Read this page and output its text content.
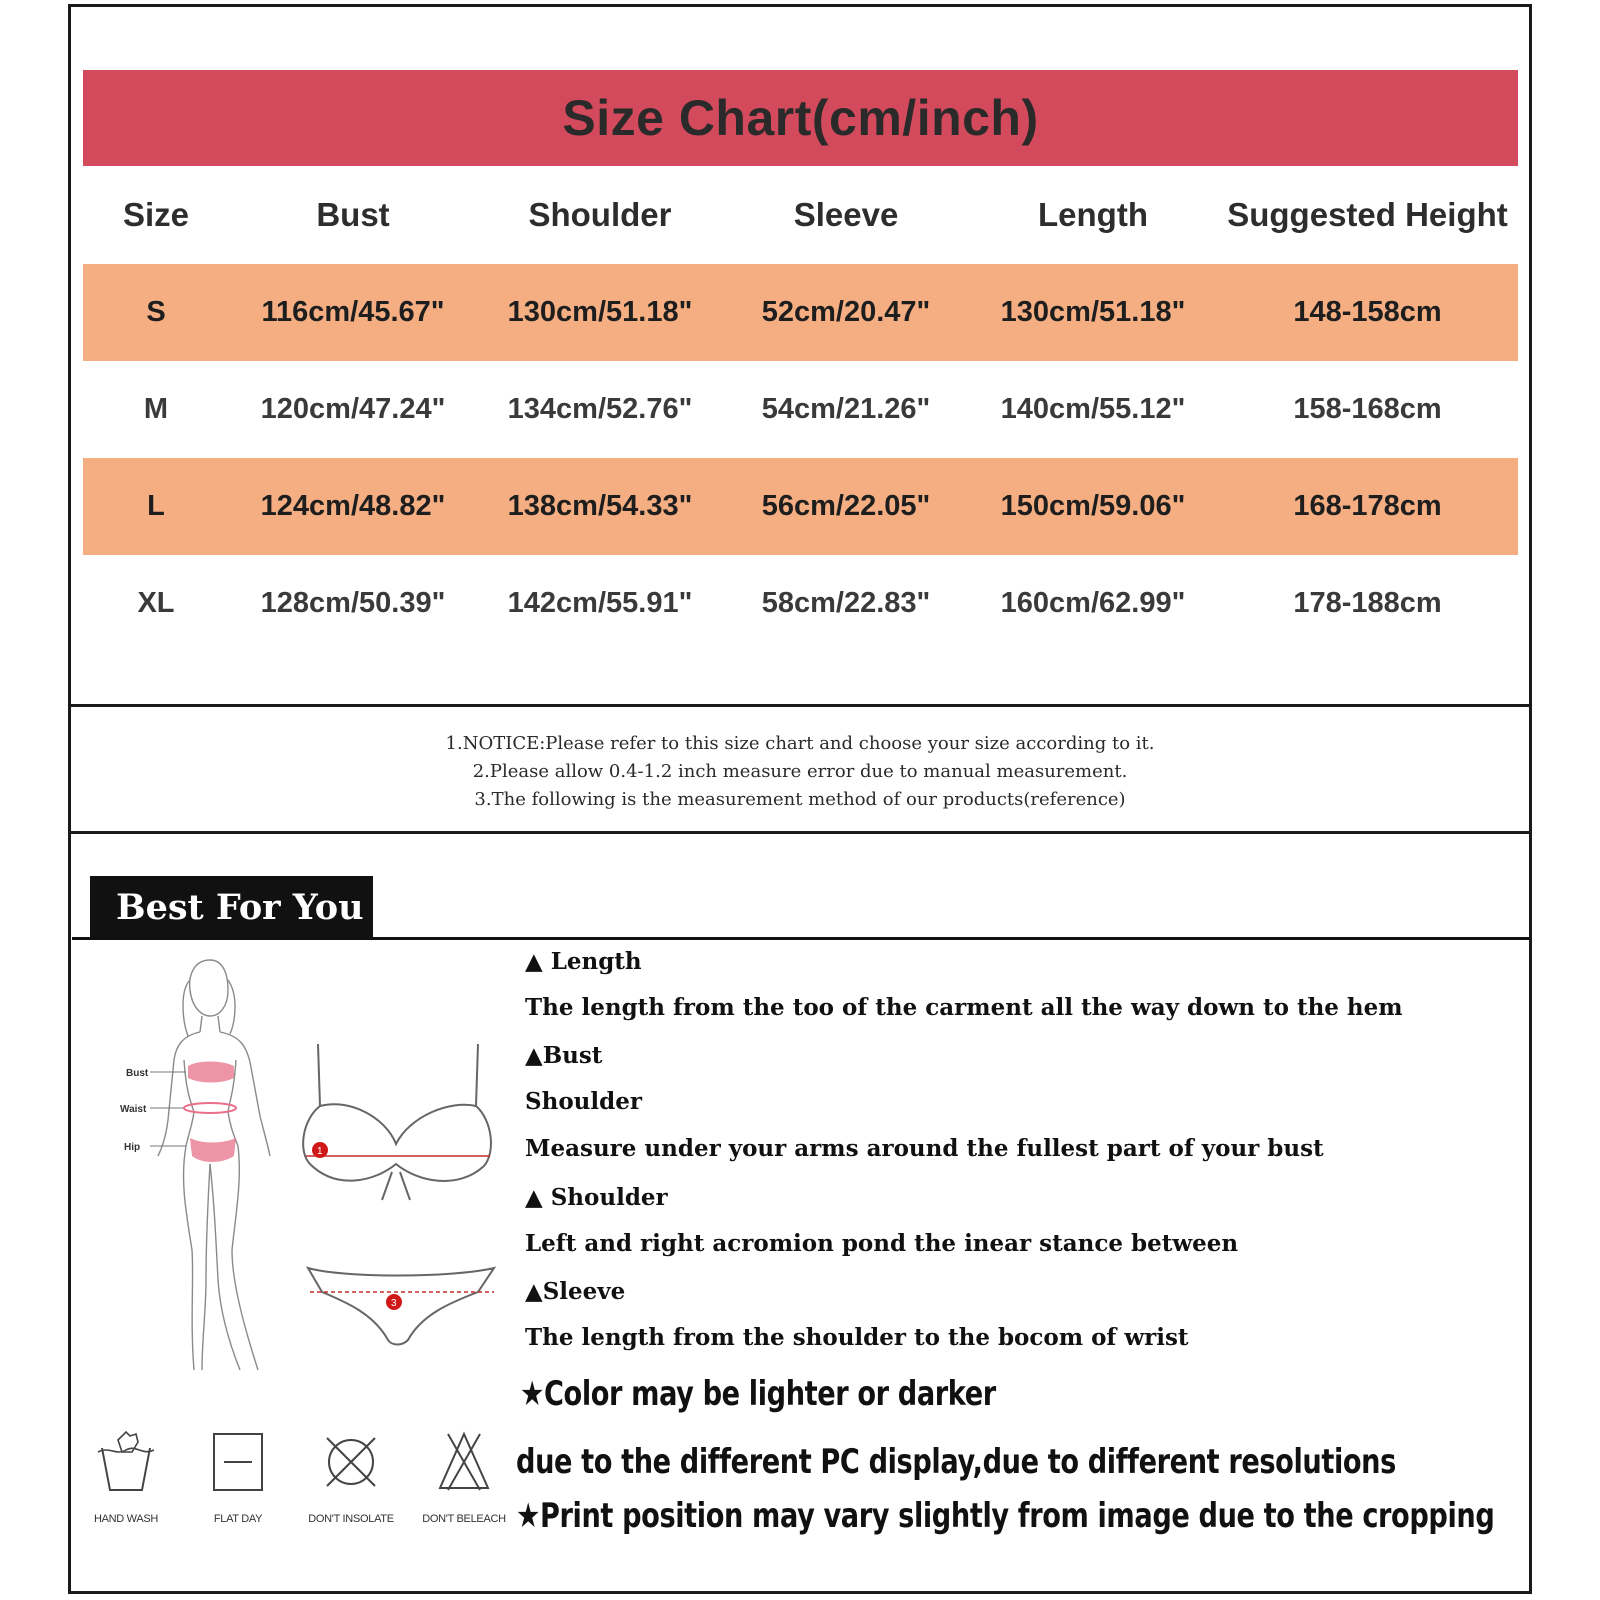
Size Chart(cm/inch)
Size	Bust	Shoulder	Sleeve	Length	Suggested Height
S	116cm/45.67"	130cm/51.18"	52cm/20.47"	130cm/51.18"	148-158cm
M	120cm/47.24"	134cm/52.76"	54cm/21.26"	140cm/55.12"	158-168cm
L	124cm/48.82"	138cm/54.33"	56cm/22.05"	150cm/59.06"	168-178cm
XL	128cm/50.39"	142cm/55.91"	58cm/22.83"	160cm/62.99"	178-188cm
1.NOTICE:Please refer to this size chart and choose your size according to it.
2.Please allow 0.4-1.2 inch measure error due to manual measurement.
3.The following is the measurement method of our products(reference)
Best For You
▲ Length
The length from the too of the carment all the way down to the hem
▲Bust
Shoulder
Measure under your arms around the fullest part of your bust
▲ Shoulder
Left and right acromion pond the inear stance between
▲Sleeve
The length from the shoulder to the bocom of wrist
★Color may be lighter or darker
due to the different PC display,due to different resolutions
★Print position may vary slightly from image due to the cropping
Bust
Waist
Hip	1
3
HAND WASH	FLAT DAY	DON'T INSOLATE	DON'T BELEACH
